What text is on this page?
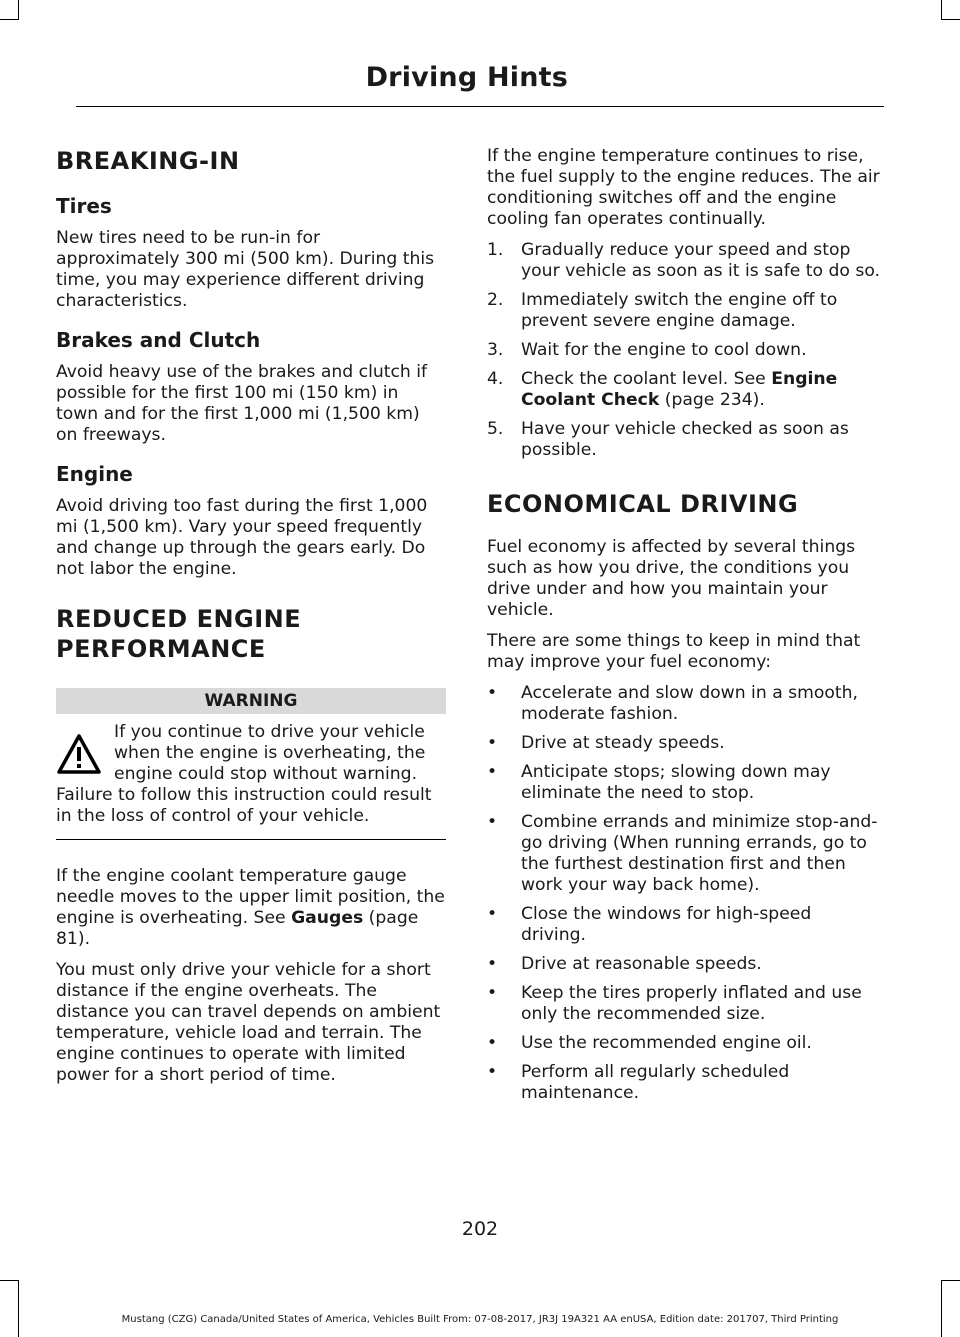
Driving Hints
BREAKING-IN
Tires

New tires need to be run-in for approximately 300 mi (500 km). During this time, you may experience different driving characteristics.

Brakes and Clutch

Avoid heavy use of the brakes and clutch if possible for the first 100 mi (150 km) in town and for the first 1,000 mi (1,500 km) on freeways.

Engine

Avoid driving too fast during the first 1,000 mi (1,500 km). Vary your speed frequently and change up through the gears early. Do not labor the engine.

REDUCED ENGINE
PERFORMANCE
WARNING
If you continue to drive your vehicle when the engine is overheating, the engine could stop without warning. Failure to follow this instruction could result in the loss of control of your vehicle.

If the engine coolant temperature gauge needle moves to the upper limit position, the engine is overheating. See Gauges (page 81).

You must only drive your vehicle for a short distance if the engine overheats. The distance you can travel depends on ambient temperature, vehicle load and terrain. The engine continues to operate with limited power for a short period of time.

If the engine temperature continues to rise, the fuel supply to the engine reduces. The air conditioning switches off and the engine cooling fan operates continually.

1. Gradually reduce your speed and stop your vehicle as soon as it is safe to do so.
2. Immediately switch the engine off to prevent severe engine damage.
3. Wait for the engine to cool down.
4. Check the coolant level. See Engine Coolant Check (page 234).
5. Have your vehicle checked as soon as possible.
ECONOMICAL DRIVING

Fuel economy is affected by several things such as how you drive, the conditions you drive under and how you maintain your vehicle.

There are some things to keep in mind that may improve your fuel economy:

• Accelerate and slow down in a smooth, moderate fashion.
• Drive at steady speeds.
• Anticipate stops; slowing down may eliminate the need to stop.
• Combine errands and minimize stop-and-go driving (When running errands, go to the furthest destination first and then work your way back home).
• Close the windows for high-speed driving.
• Drive at reasonable speeds.
• Keep the tires properly inflated and use only the recommended size.
• Use the recommended engine oil.
• Perform all regularly scheduled maintenance.
202
Mustang (CZG) Canada/United States of America, Vehicles Built From: 07-08-2017, JR3J 19A321 AA enUSA, Edition date: 201707, Third Printing
